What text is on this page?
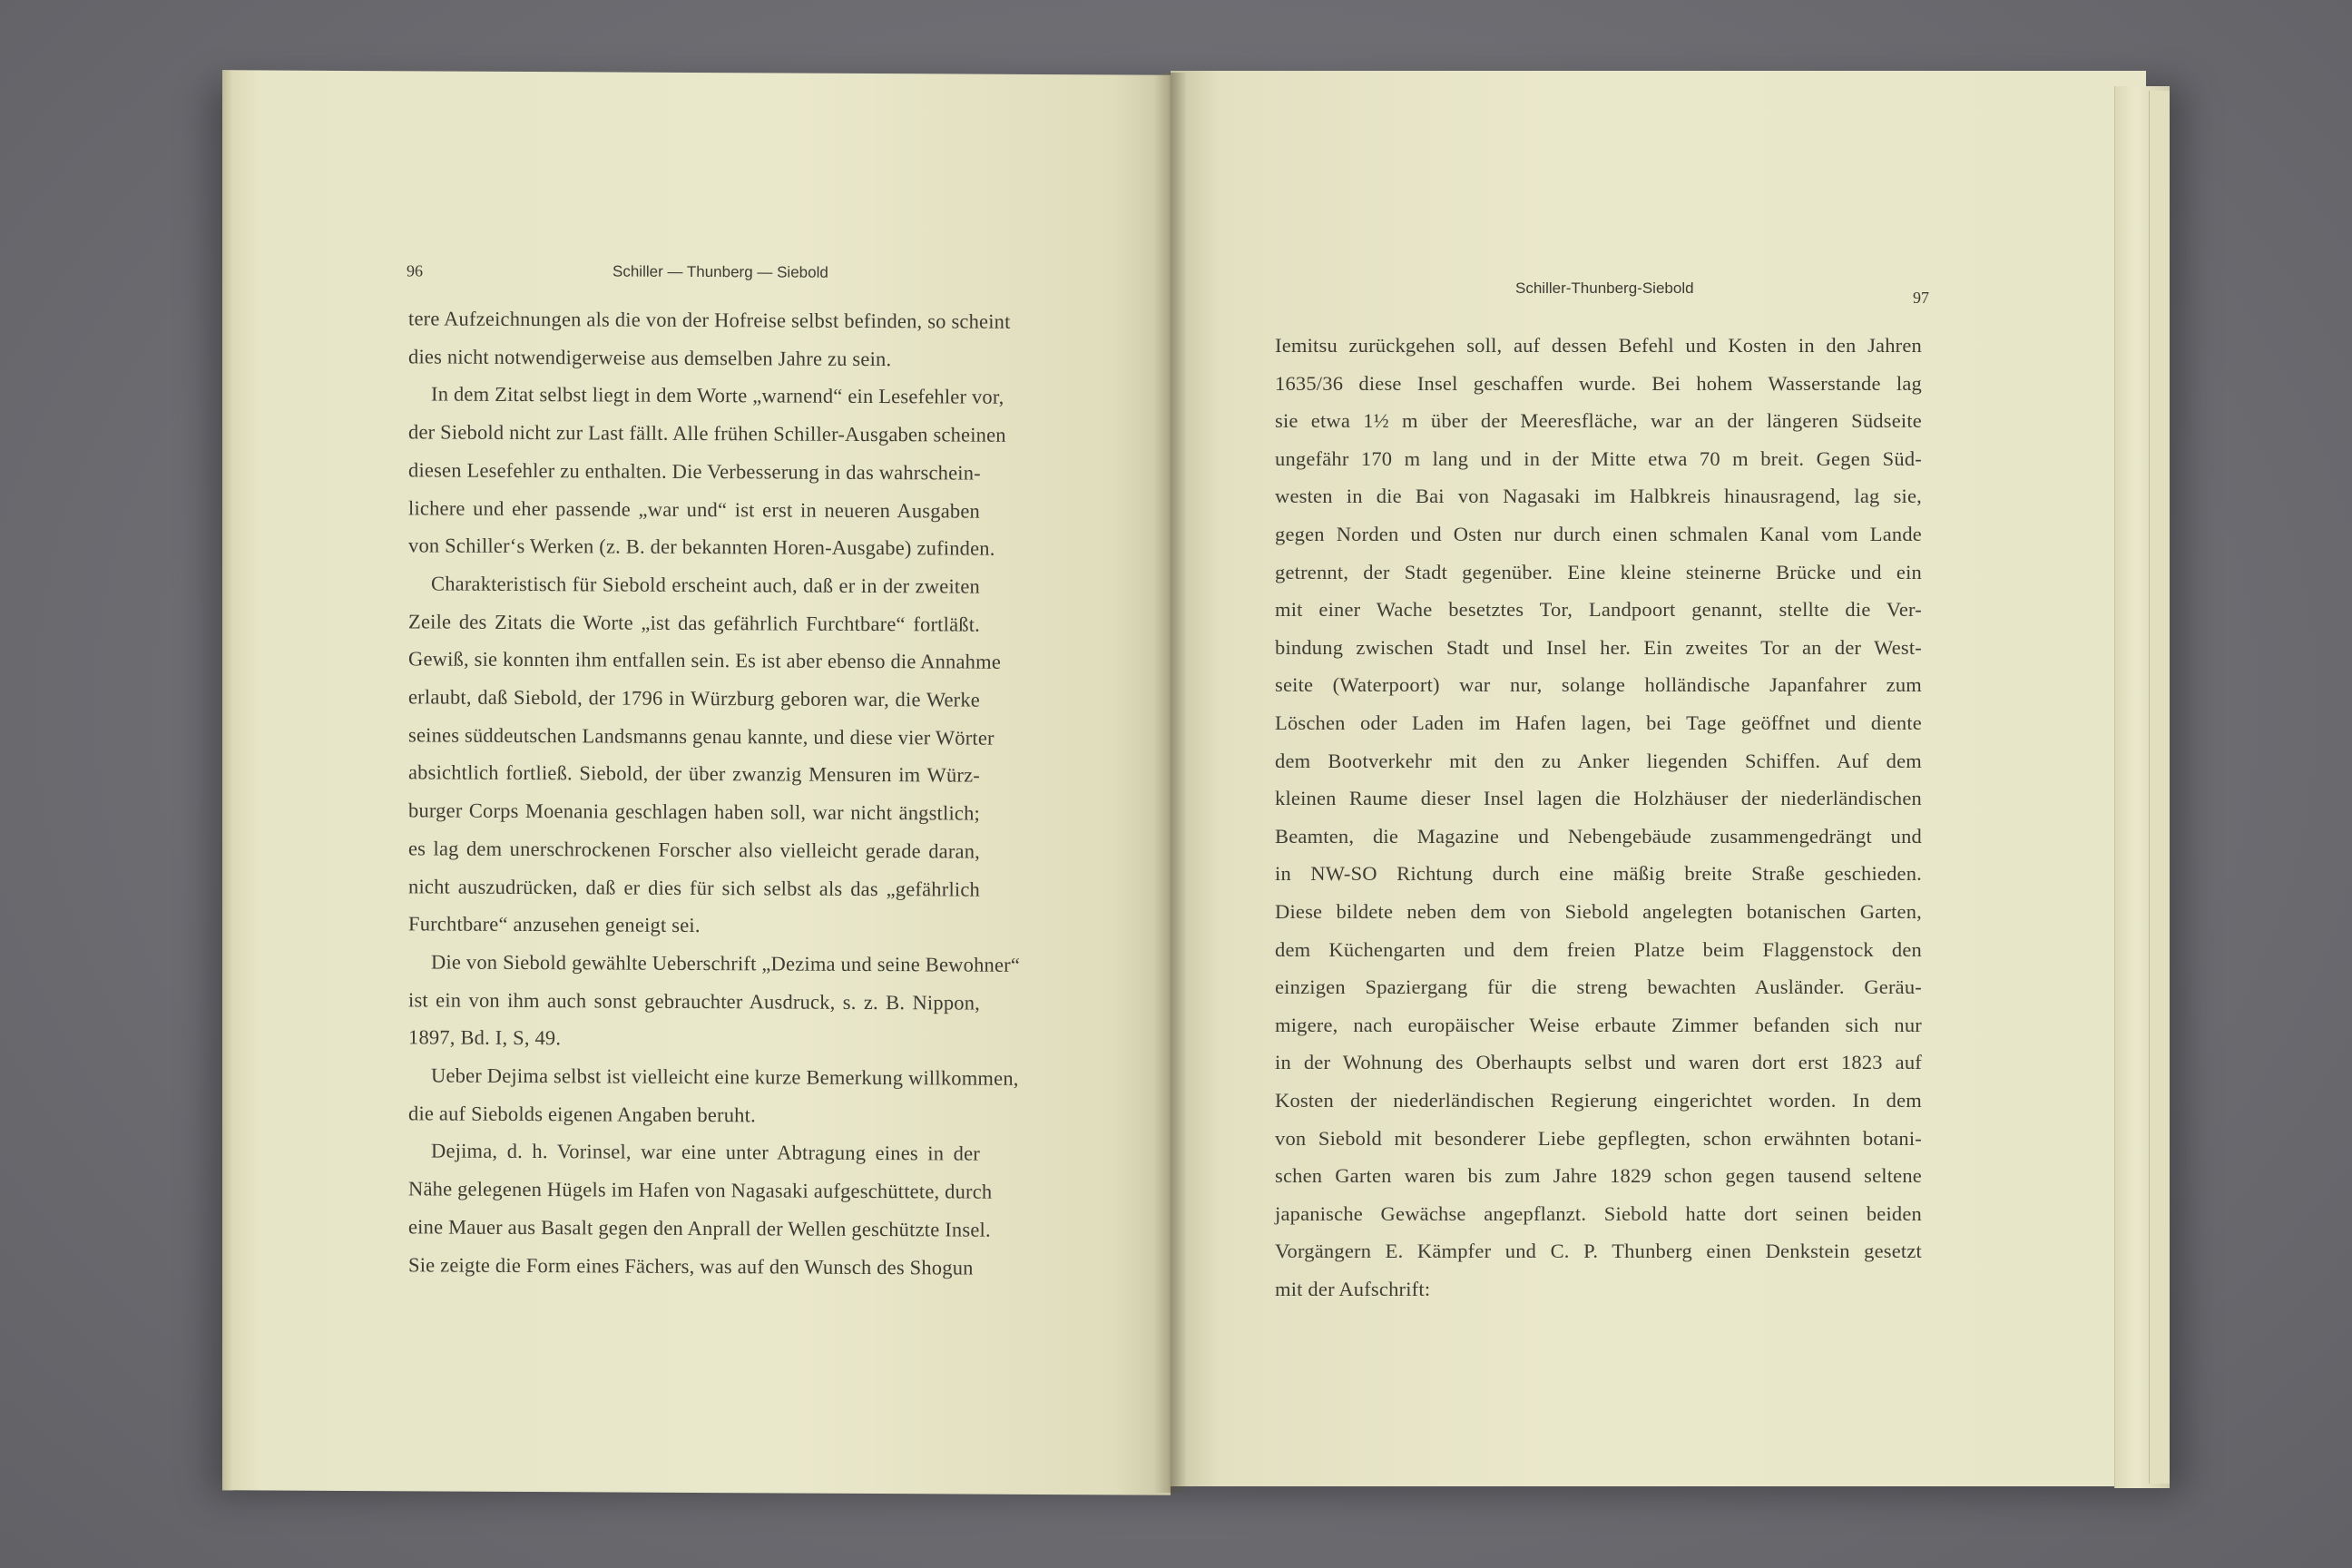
96	Schiller — Thunberg — Siebold
tere Aufzeichnungen als die von der Hofreise selbst befinden, so scheint
dies nicht notwendigerweise aus demselben Jahre zu sein.
In dem Zitat selbst liegt in dem Worte „warnend“ ein Lesefehler vor,
der Siebold nicht zur Last fällt. Alle frühen Schiller-Ausgaben scheinen
diesen Lesefehler zu enthalten. Die Verbesserung in das wahrschein-
lichere und eher passende „war und“ ist erst in neueren Ausgaben
von Schiller‘s Werken (z. B. der bekannten Horen-Ausgabe) zufinden.
Charakteristisch für Siebold erscheint auch, daß er in der zweiten
Zeile des Zitats die Worte „ist das gefährlich Furchtbare“ fortläßt.
Gewiß, sie konnten ihm entfallen sein. Es ist aber ebenso die Annahme
erlaubt, daß Siebold, der 1796 in Würzburg geboren war, die Werke
seines süddeutschen Landsmanns genau kannte, und diese vier Wörter
absichtlich fortließ. Siebold, der über zwanzig Mensuren im Würz-
burger Corps Moenania geschlagen haben soll, war nicht ängstlich;
es lag dem unerschrockenen Forscher also vielleicht gerade daran,
nicht auszudrücken, daß er dies für sich selbst als das „gefährlich
Furchtbare“ anzusehen geneigt sei.
Die von Siebold gewählte Ueberschrift „Dezima und seine Bewohner“
ist ein von ihm auch sonst gebrauchter Ausdruck, s. z. B. Nippon,
1897, Bd. I, S, 49.
Ueber Dejima selbst ist vielleicht eine kurze Bemerkung willkommen,
die auf Siebolds eigenen Angaben beruht.
Dejima, d. h. Vorinsel, war eine unter Abtragung eines in der
Nähe gelegenen Hügels im Hafen von Nagasaki aufgeschüttete, durch
eine Mauer aus Basalt gegen den Anprall der Wellen geschützte Insel.
Sie zeigte die Form eines Fächers, was auf den Wunsch des Shogun
Schiller-Thunberg-Siebold
97
Iemitsu zurückgehen soll, auf dessen Befehl und Kosten in den Jahren
1635/36 diese Insel geschaffen wurde. Bei hohem Wasserstande lag
sie etwa 1½ m über der Meeresfläche, war an der längeren Südseite
ungefähr 170 m lang und in der Mitte etwa 70 m breit. Gegen Süd-
westen in die Bai von Nagasaki im Halbkreis hinausragend, lag sie,
gegen Norden und Osten nur durch einen schmalen Kanal vom Lande
getrennt, der Stadt gegenüber. Eine kleine steinerne Brücke und ein
mit einer Wache besetztes Tor, Landpoort genannt, stellte die Ver-
bindung zwischen Stadt und Insel her. Ein zweites Tor an der West-
seite (Waterpoort) war nur, solange holländische Japanfahrer zum
Löschen oder Laden im Hafen lagen, bei Tage geöffnet und diente
dem Bootverkehr mit den zu Anker liegenden Schiffen. Auf dem
kleinen Raume dieser Insel lagen die Holzhäuser der niederländischen
Beamten, die Magazine und Nebengebäude zusammengedrängt und
in NW-SO Richtung durch eine mäßig breite Straße geschieden.
Diese bildete neben dem von Siebold angelegten botanischen Garten,
dem Küchengarten und dem freien Platze beim Flaggenstock den
einzigen Spaziergang für die streng bewachten Ausländer. Geräu-
migere, nach europäischer Weise erbaute Zimmer befanden sich nur
in der Wohnung des Oberhaupts selbst und waren dort erst 1823 auf
Kosten der niederländischen Regierung eingerichtet worden. In dem
von Siebold mit besonderer Liebe gepflegten, schon erwähnten botani-
schen Garten waren bis zum Jahre 1829 schon gegen tausend seltene
japanische Gewächse angepflanzt. Siebold hatte dort seinen beiden
Vorgängern E. Kämpfer und C. P. Thunberg einen Denkstein gesetzt
mit der Aufschrift:
